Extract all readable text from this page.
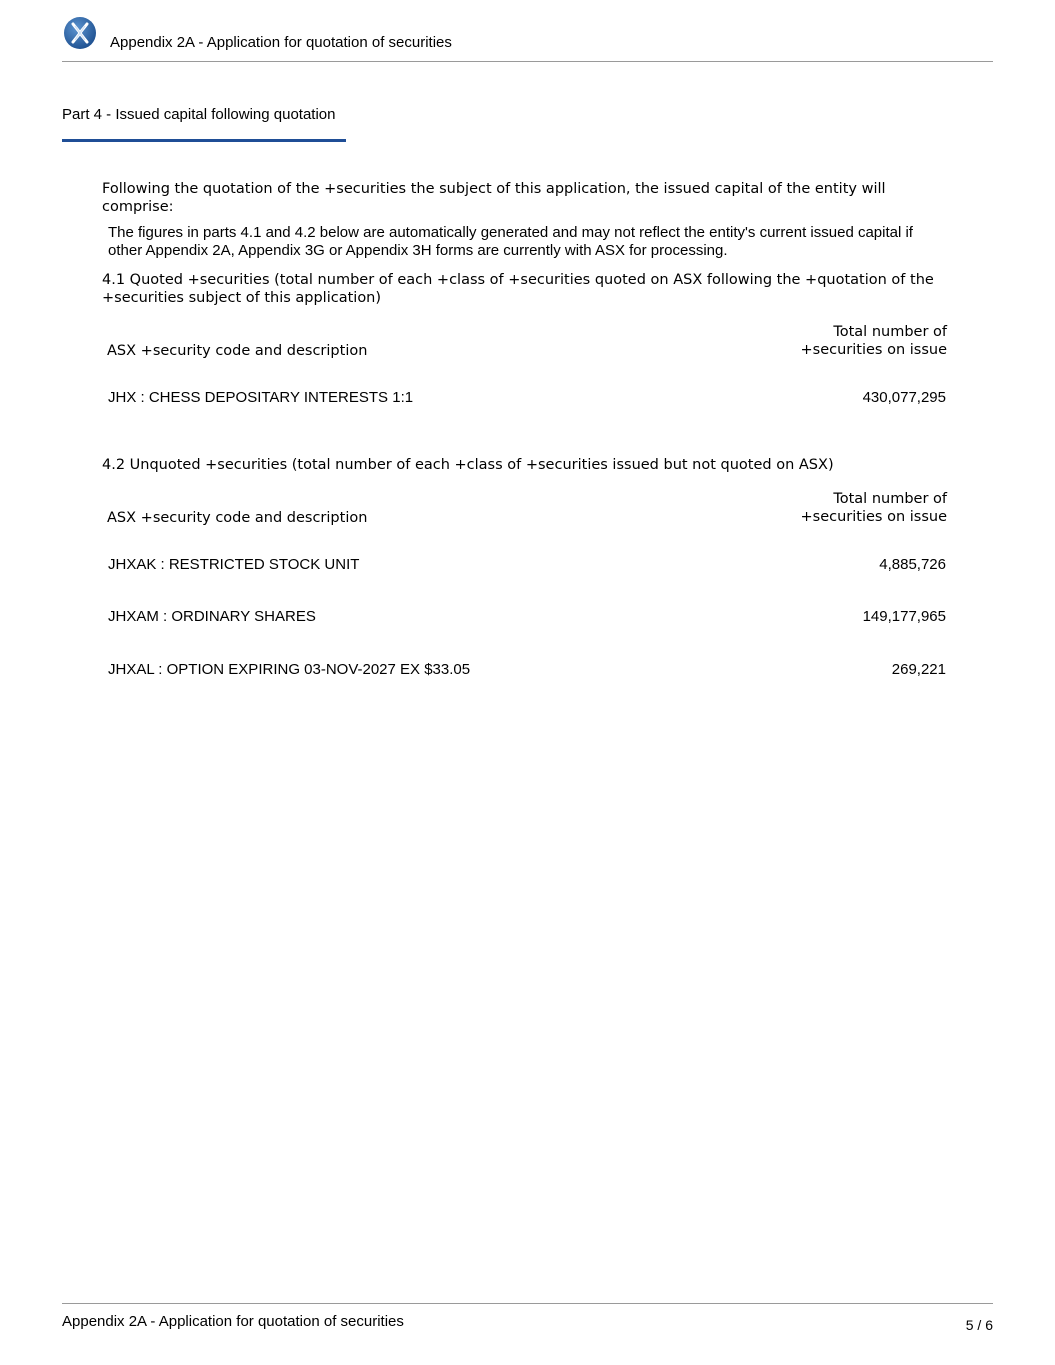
Appendix 2A - Application for quotation of securities
Part 4 - Issued capital following quotation
Following the quotation of the +securities the subject of this application, the issued capital of the entity will comprise:
The figures in parts 4.1 and 4.2 below are automatically generated and may not reflect the entity's current issued capital if other Appendix 2A, Appendix 3G or Appendix 3H forms are currently with ASX for processing.
4.1 Quoted +securities (total number of each +class of +securities quoted on ASX following the +quotation of the +securities subject of this application)
ASX +security code and description
Total number of
+securities on issue
JHX : CHESS DEPOSITARY INTERESTS 1:1	430,077,295
4.2 Unquoted +securities (total number of each +class of +securities issued but not quoted on ASX)
ASX +security code and description
Total number of
+securities on issue
JHXAK : RESTRICTED STOCK UNIT	4,885,726
JHXAM : ORDINARY SHARES	149,177,965
JHXAL : OPTION EXPIRING 03-NOV-2027 EX $33.05	269,221
Appendix 2A - Application for quotation of securities	5 / 6
